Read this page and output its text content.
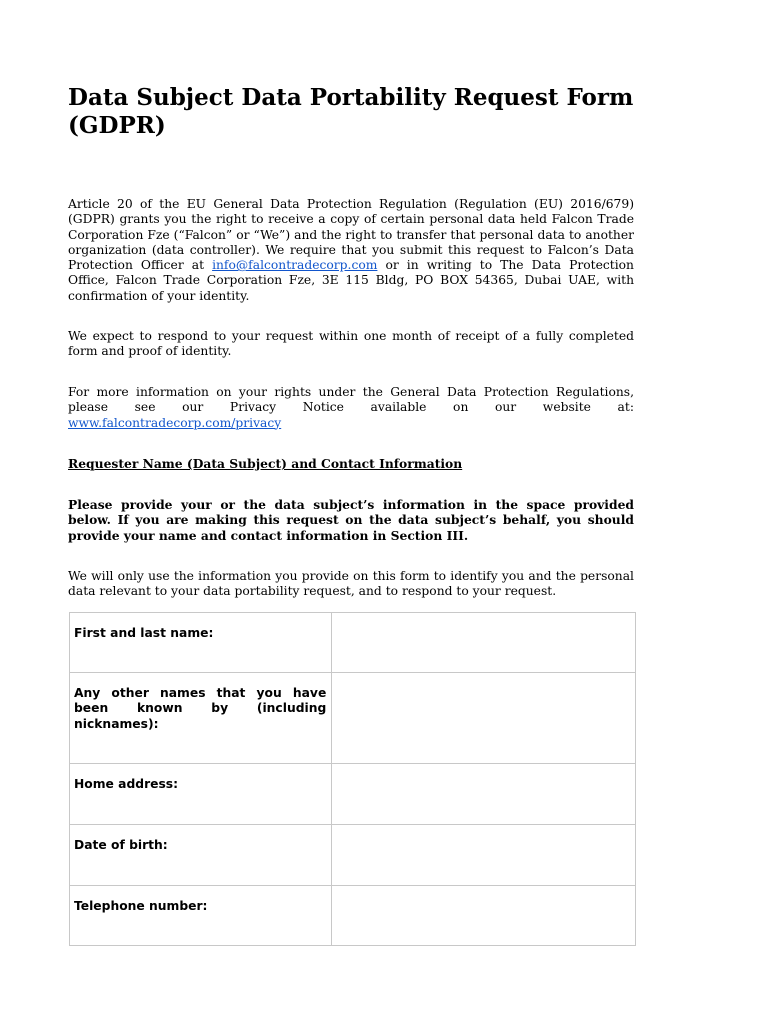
Data Subject Data Portability Request Form (GDPR)

Article 20 of the EU General Data Protection Regulation (Regulation (EU) 2016/679) (GDPR) grants you the right to receive a copy of certain personal data held Falcon Trade Corporation Fze (“Falcon” or “We”) and the right to transfer that personal data to another organization (data controller). We require that you submit this request to Falcon’s Data Protection Officer at info@falcontradecorp.com or in writing to The Data Protection Office, Falcon Trade Corporation Fze, 3E 115 Bldg, PO BOX 54365, Dubai UAE, with confirmation of your identity.

We expect to respond to your request within one month of receipt of a fully completed form and proof of identity.

For more information on your rights under the General Data Protection Regulations,
please see our Privacy Notice available on our website at:
www.falcontradecorp.com/privacy

Requester Name (Data Subject) and Contact Information

Please provide your or the data subject’s information in the space provided below. If you are making this request on the data subject’s behalf, you should provide your name and contact information in Section III.

We will only use the information you provide on this form to identify you and the personal data relevant to your data portability request, and to respond to your request.

First and last name:	
Any other names that you have been known by (including nicknames):	
Home address:	
Date of birth:	
Telephone number:	
